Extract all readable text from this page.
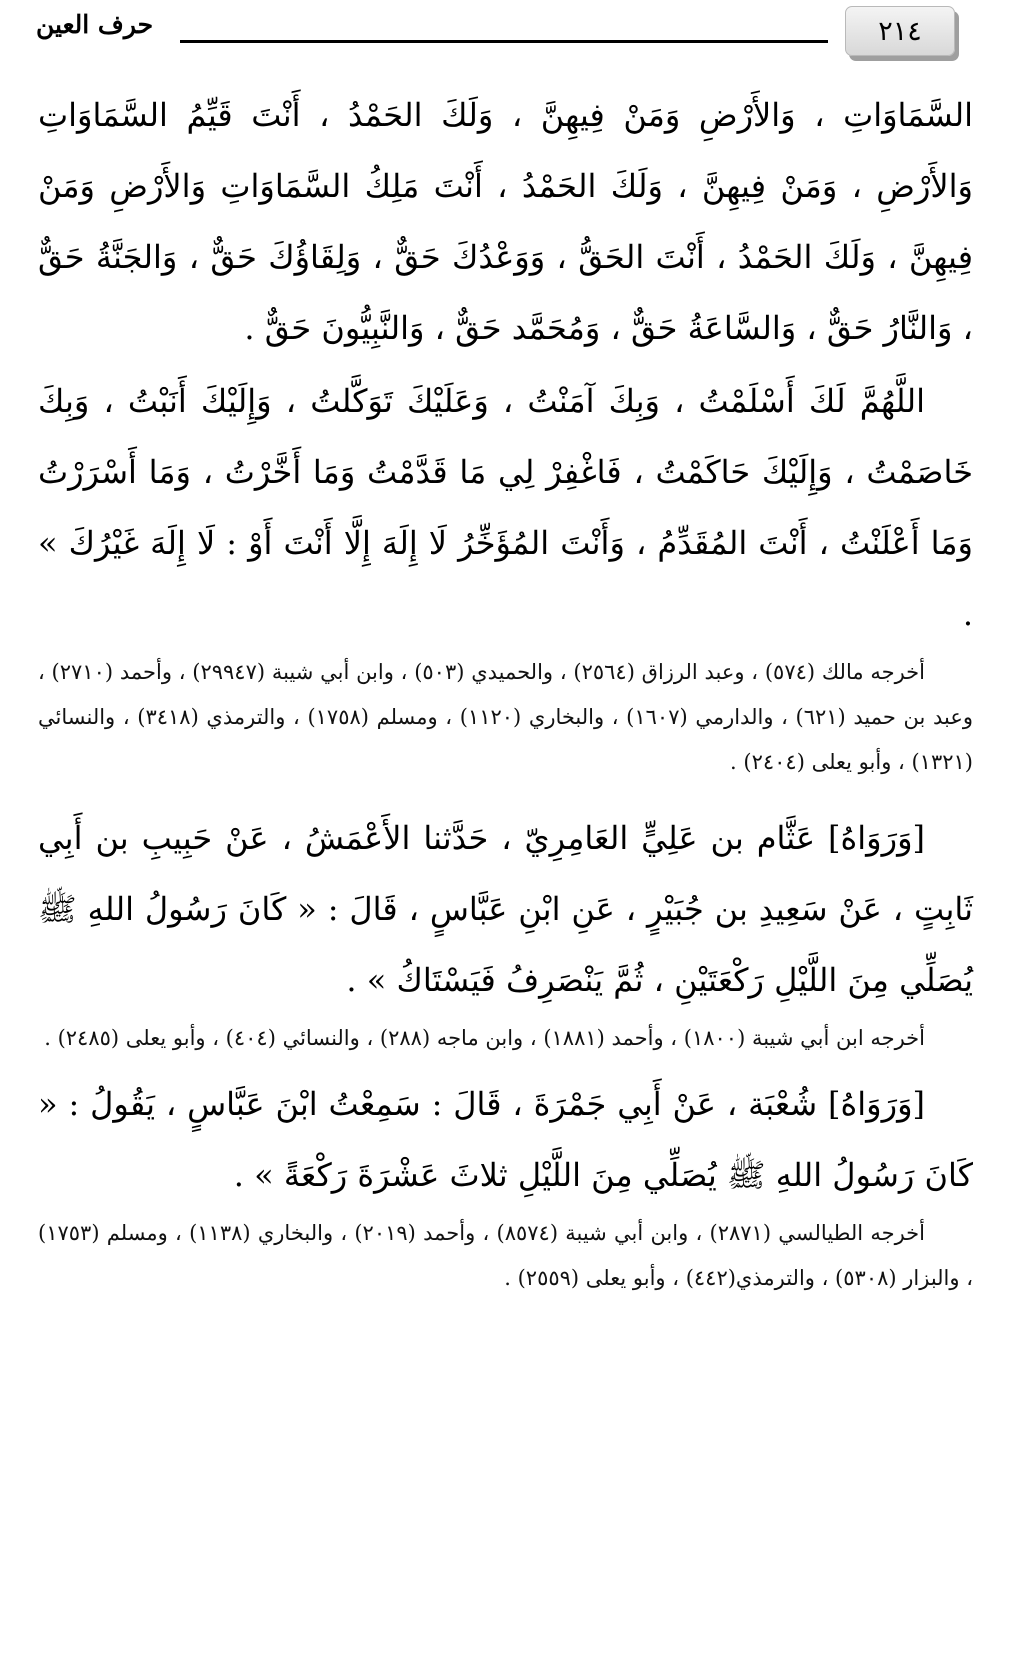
٢١٤
حرف العين

السَّمَاوَاتِ ، وَالأَرْضِ وَمَنْ فِيهِنَّ ، وَلَكَ الحَمْدُ ، أَنْتَ قَيِّمُ السَّمَاوَاتِ وَالأَرْضِ ، وَمَنْ فِيهِنَّ ، وَلَكَ الحَمْدُ ، أَنْتَ مَلِكُ السَّمَاوَاتِ وَالأَرْضِ وَمَنْ فِيهِنَّ ، وَلَكَ الحَمْدُ ، أَنْتَ الحَقُّ ، وَوَعْدُكَ حَقٌّ ، وَلِقَاؤُكَ حَقٌّ ، وَالجَنَّةُ حَقٌّ ، وَالنَّارُ حَقٌّ ، وَالسَّاعَةُ حَقٌّ ، وَمُحَمَّد حَقٌّ ، وَالنَّبِيُّونَ حَقٌّ .

اللَّهُمَّ لَكَ أَسْلَمْتُ ، وَبِكَ آمَنْتُ ، وَعَلَيْكَ تَوَكَّلتُ ، وَإِلَيْكَ أَنَبْتُ ، وَبِكَ خَاصَمْتُ ، وَإِلَيْكَ حَاكَمْتُ ، فَاغْفِرْ لِي مَا قَدَّمْتُ وَمَا أَخَّرْتُ ، وَمَا أَسْرَرْتُ وَمَا أَعْلَنْتُ ، أَنْتَ المُقَدِّمُ ، وَأَنْتَ المُؤَخِّرُ لَا إِلَهَ إِلَّا أَنْتَ أَوْ : لَا إِلَهَ غَيْرُكَ » .

أخرجه مالك (٥٧٤) ، وعبد الرزاق (٢٥٦٤) ، والحميدي (٥٠٣) ، وابن أبي شيبة (٢٩٩٤٧) ، وأحمد (٢٧١٠) ، وعبد بن حميد (٦٢١) ، والدارمي (١٦٠٧) ، والبخاري (١١٢٠) ، ومسلم (١٧٥٨) ، والترمذي (٣٤١٨) ، والنسائي (١٣٢١) ، وأبو يعلى (٢٤٠٤) .

[وَرَوَاهُ] عَثَّام بن عَلِيٍّ العَامِرِيّ ، حَدَّثنا الأَعْمَشُ ، عَنْ حَبِيبِ بن أَبِي ثَابِتٍ ، عَنْ سَعِيدِ بن جُبَيْرٍ ، عَنِ ابْنِ عَبَّاسٍ ، قَالَ : « كَانَ رَسُولُ اللهِ ﷺ يُصَلِّي مِنَ اللَّيْلِ رَكْعَتَيْنِ ، ثُمَّ يَنْصَرِفُ فَيَسْتَاكُ » .

أخرجه ابن أبي شيبة (١٨٠٠) ، وأحمد (١٨٨١) ، وابن ماجه (٢٨٨) ، والنسائي (٤٠٤) ، وأبو يعلى (٢٤٨٥) .

[وَرَوَاهُ] شُعْبَة ، عَنْ أَبِي جَمْرَةَ ، قَالَ : سَمِعْتُ ابْنَ عَبَّاسٍ ، يَقُولُ : « كَانَ رَسُولُ اللهِ ﷺ يُصَلِّي مِنَ اللَّيْلِ ثلاثَ عَشْرَةَ رَكْعَةً » .

أخرجه الطيالسي (٢٨٧١) ، وابن أبي شيبة (٨٥٧٤) ، وأحمد (٢٠١٩) ، والبخاري (١١٣٨) ، ومسلم (١٧٥٣) ، والبزار (٥٣٠٨) ، والترمذي(٤٤٢) ، وأبو يعلى (٢٥٥٩) .
